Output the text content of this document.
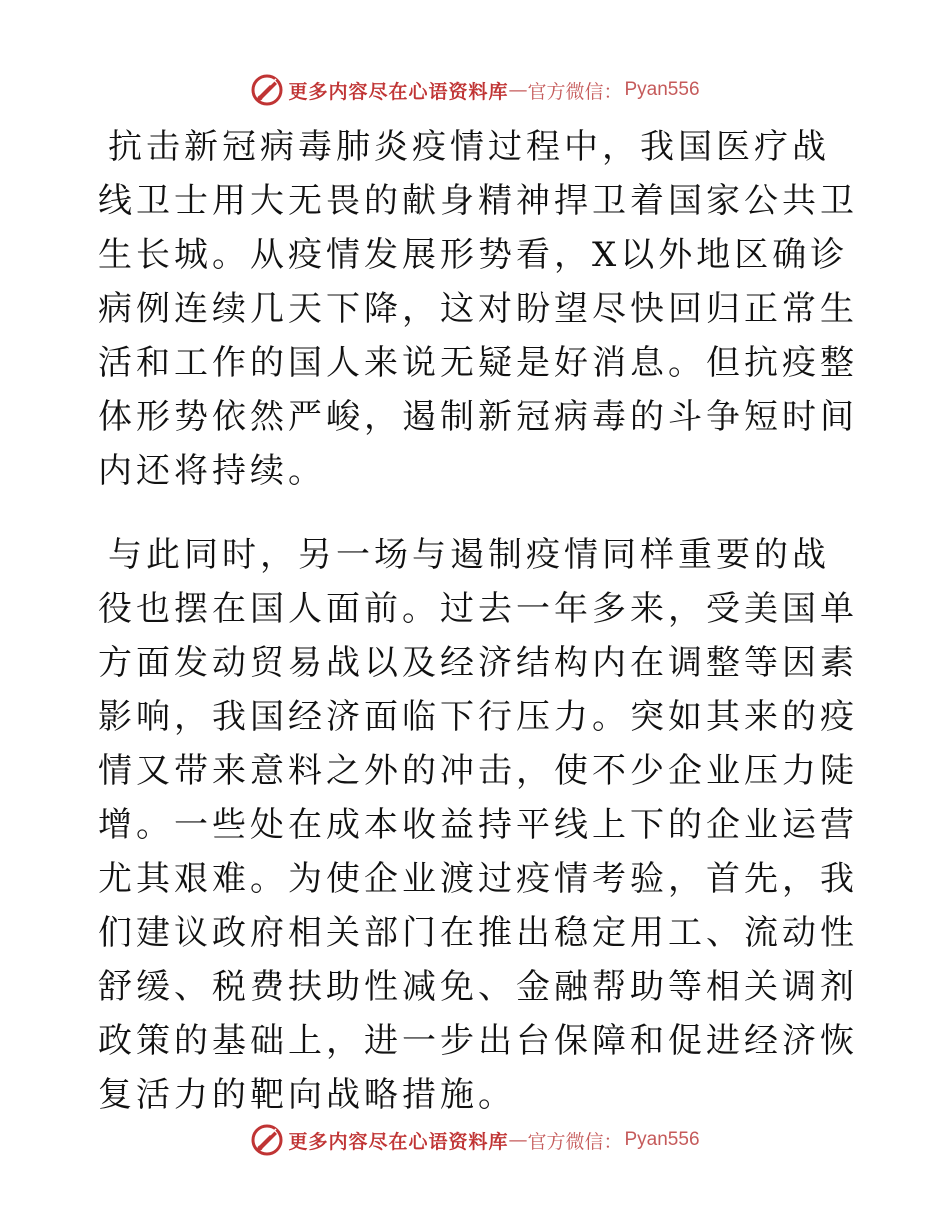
更多内容尽在心语资料库 — 官方微信： Pyan556

抗击新冠病毒肺炎疫情过程中，我国医疗战线卫士用大无畏的献身精神捍卫着国家公共卫生长城。从疫情发展形势看，X以外地区确诊病例连续几天下降，这对盼望尽快回归正常生活和工作的国人来说无疑是好消息。但抗疫整体形势依然严峻，遏制新冠病毒的斗争短时间内还将持续。

与此同时，另一场与遏制疫情同样重要的战役也摆在国人面前。过去一年多来，受美国单方面发动贸易战以及经济结构内在调整等因素影响，我国经济面临下行压力。突如其来的疫情又带来意料之外的冲击，使不少企业压力陡增。一些处在成本收益持平线上下的企业运营尤其艰难。为使企业渡过疫情考验，首先，我们建议政府相关部门在推出稳定用工、流动性舒缓、税费扶助性减免、金融帮助等相关调剂政策的基础上，进一步出台保障和促进经济恢复活力的靶向战略措施。

更多内容尽在心语资料库 — 官方微信： Pyan556
